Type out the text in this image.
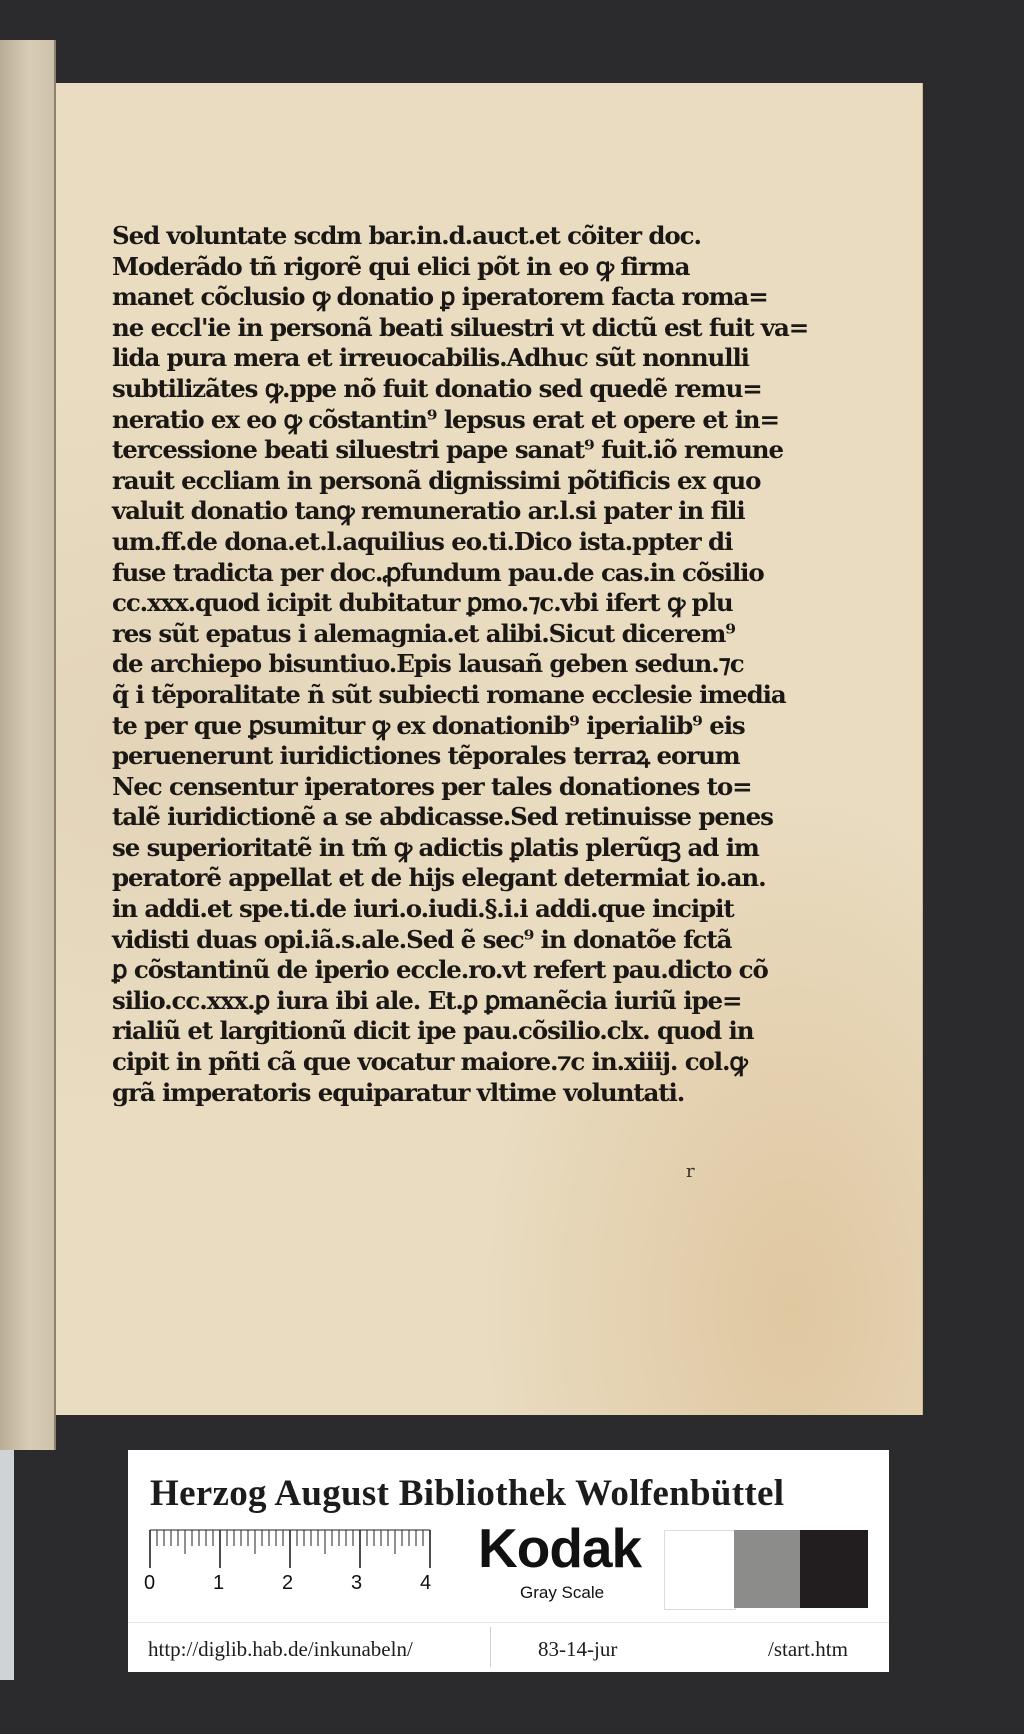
Sed voluntate scdm bar.in.d.auct.et cõiter doc.
Moderãdo tñ rigorẽ qui elici põt in eo ꝙ firma
manet cõclusio ꝙ donatio ꝑ iperatorem facta roma=
ne eccl'ie in personã beati siluestri vt dictũ est fuit va=
lida pura mera et irreuocabilis.Adhuc sũt nonnulli
subtilizãtes ꝙ.ppe nõ fuit donatio sed quedẽ remu=
neratio ex eo ꝙ cõstantin⁹ lepsus erat et opere et in=
tercessione beati siluestri pape sanat⁹ fuit.iõ remune
rauit eccliam in personã dignissimi põtificis ex quo
valuit donatio tanꝙ remuneratio ar.l.si pater in fili
um.ff.de dona.et.l.aquilius eo.ti.Dico ista.ppter di
fuse tradicta per doc.ꝓfundum pau.de cas.in cõsilio
cc.xxx.quod icipit dubitatur ꝑmo.⁊c.vbi ifert ꝙ plu
res sũt epatus i alemagnia.et alibi.Sicut dicerem⁹
de archiepo bisuntiuo.Epis lausañ geben sedun.⁊c
q̃ i tẽporalitate ñ sũt subiecti romane ecclesie imedia
te per que ꝑsumitur ꝙ ex donationib⁹ iperialib⁹ eis
peruenerunt iuridictiones tẽporales terraꝝ eorum
Nec censentur iperatores per tales donationes to=
talẽ iuridictionẽ a se abdicasse.Sed retinuisse penes
se superioritatẽ in tm̃ ꝙ adictis ꝑlatis plerũqꝫ ad im
peratorẽ appellat et de hijs elegant determiat io.an.
in addi.et spe.ti.de iuri.o.iudi.§.i.i addi.que incipit
vidisti duas opi.iã.s.ale.Sed ẽ sec⁹ in donatõe fctã
ꝑ cõstantinũ de iperio eccle.ro.vt refert pau.dicto cõ
silio.cc.xxx.ꝑ iura ibi ale. Et.ꝑ ꝑmanẽcia iuriũ ipe=
rialiũ et largitionũ dicit ipe pau.cõsilio.clx. quod in
cipit in pñti cã que vocatur maiore.⁊c in.xiiij. col.ꝙ
grã imperatoris equiparatur vltime voluntati.
r
Herzog August Bibliothek Wolfenbüttel
0	1	2	3	4
Kodak
Gray Scale
http://diglib.hab.de/inkunabeln/	83-14-jur	/start.htm
